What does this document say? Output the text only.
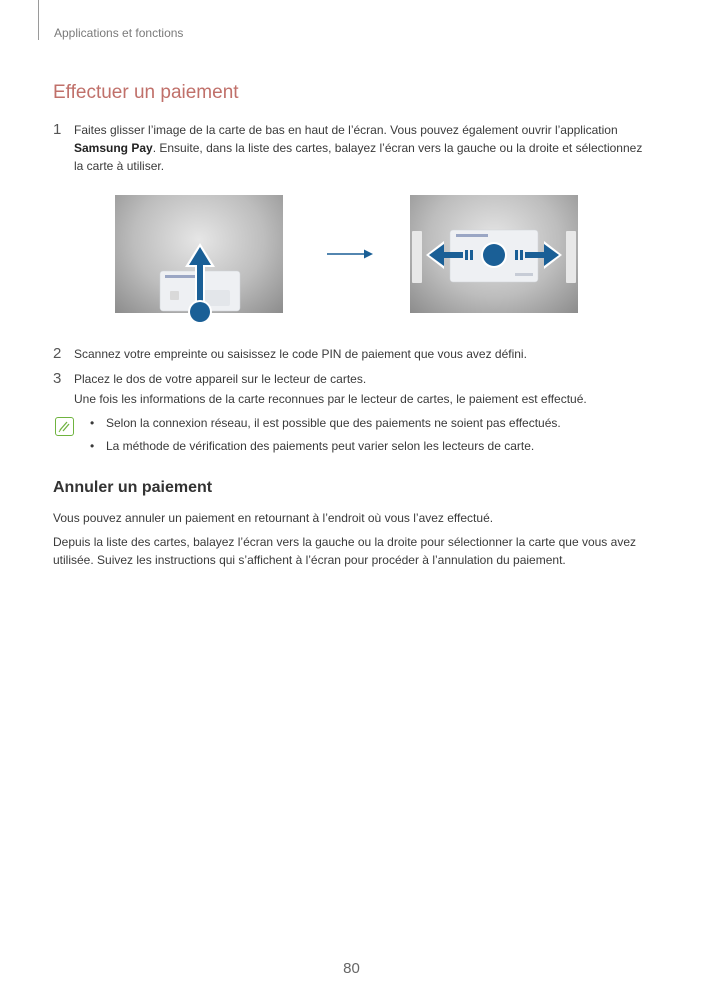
Applications et fonctions
Effectuer un paiement
1 Faites glisser l’image de la carte de bas en haut de l’écran. Vous pouvez également ouvrir l’application Samsung Pay. Ensuite, dans la liste des cartes, balayez l’écran vers la gauche ou la droite et sélectionnez la carte à utiliser.
2 Scannez votre empreinte ou saisissez le code PIN de paiement que vous avez défini.
3 Placez le dos de votre appareil sur le lecteur de cartes.
Une fois les informations de la carte reconnues par le lecteur de cartes, le paiement est effectué.
• Selon la connexion réseau, il est possible que des paiements ne soient pas effectués.
• La méthode de vérification des paiements peut varier selon les lecteurs de carte.
Annuler un paiement
Vous pouvez annuler un paiement en retournant à l’endroit où vous l’avez effectué.
Depuis la liste des cartes, balayez l’écran vers la gauche ou la droite pour sélectionner la carte que vous avez utilisée. Suivez les instructions qui s’affichent à l’écran pour procéder à l’annulation du paiement.
80
